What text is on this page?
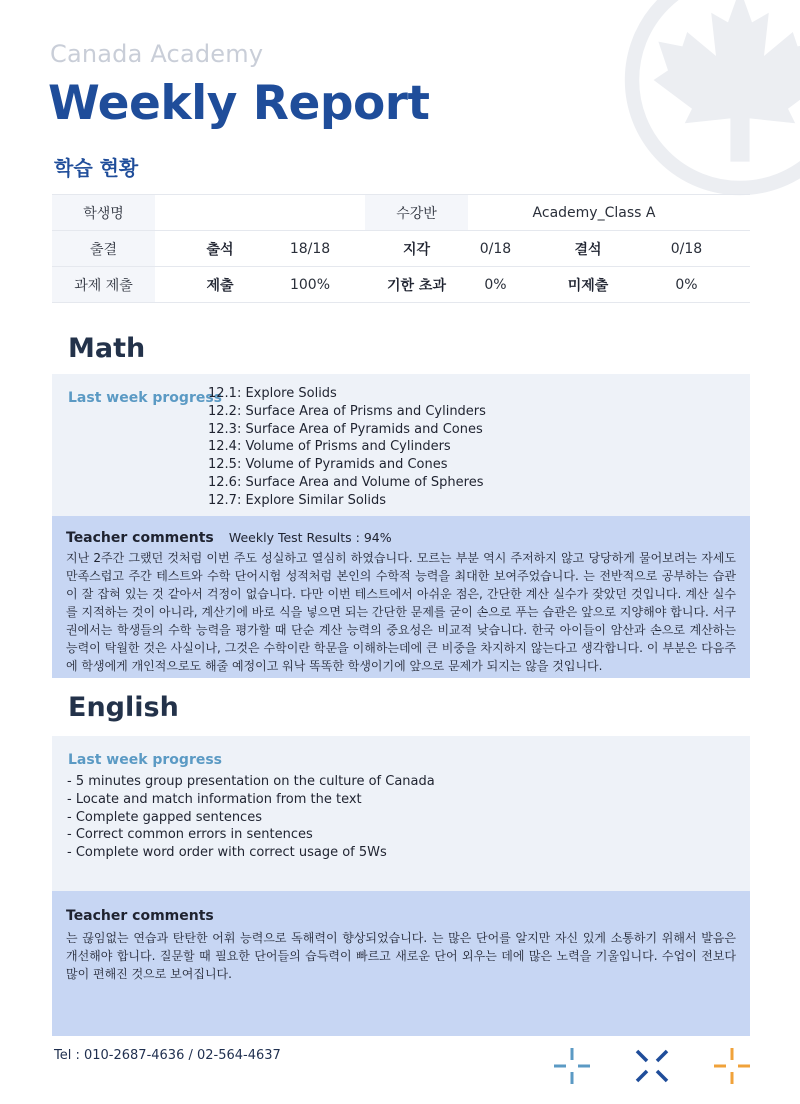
Canada Academy
Weekly Report
학습 현황
학생명				수강반	Academy_Class A			
출결		출석	18/18	지각	0/18		결석	0/18
과제 제출		제출	100%	기한 초과	0%		미제출	0%
Math
Last week progress
12.1: Explore Solids
12.2: Surface Area of Prisms and Cylinders
12.3: Surface Area of Pyramids and Cones
12.4: Volume of Prisms and Cylinders
12.5: Volume of Pyramids and Cones
12.6: Surface Area and Volume of Spheres
12.7: Explore Similar Solids
Teacher comments Weekly Test Results : 94%

지난 2주간 그랬던 것처럼 이번 주도 성실하고 열심히 하였습니다. 모르는 부분 역시 주저하지 않고 당당하게 물어보려는 자세도 만족스럽고 주간 테스트와 수학 단어시험 성적처럼 본인의 수학적 능력을 최대한 보여주었습니다. 는 전반적으로 공부하는 습관이 잘 잡혀 있는 것 같아서 걱정이 없습니다. 다만 이번 테스트에서 아쉬운 점은, 간단한 계산 실수가 잦았던 것입니다. 계산 실수를 지적하는 것이 아니라, 계산기에 바로 식을 넣으면 되는 간단한 문제를 굳이 손으로 푸는 습관은 앞으로 지양해야 합니다. 서구권에서는 학생들의 수학 능력을 평가할 때 단순 계산 능력의 중요성은 비교적 낮습니다. 한국 아이들이 암산과 손으로 계산하는 능력이 탁월한 것은 사실이나, 그것은 수학이란 학문을 이해하는데에 큰 비중을 차지하지 않는다고 생각합니다. 이 부분은 다음주에 학생에게 개인적으로도 해줄 예정이고 워낙 똑똑한 학생이기에 앞으로 문제가 되지는 않을 것입니다.

English
Last week progress
- 5 minutes group presentation on the culture of Canada
- Locate and match information from the text
- Complete gapped sentences
- Correct common errors in sentences
- Complete word order with correct usage of 5Ws
Teacher comments

는 끊임없는 연습과 탄탄한 어휘 능력으로 독해력이 향상되었습니다. 는 많은 단어를 알지만 자신 있게 소통하기 위해서 발음은 개선해야 합니다. 질문할 때 필요한 단어들의 습득력이 빠르고 새로운 단어 외우는 데에 많은 노력을 기울입니다. 수업이 전보다 많이 편해진 것으로 보여집니다.

Tel : 010-2687-4636 / 02-564-4637
